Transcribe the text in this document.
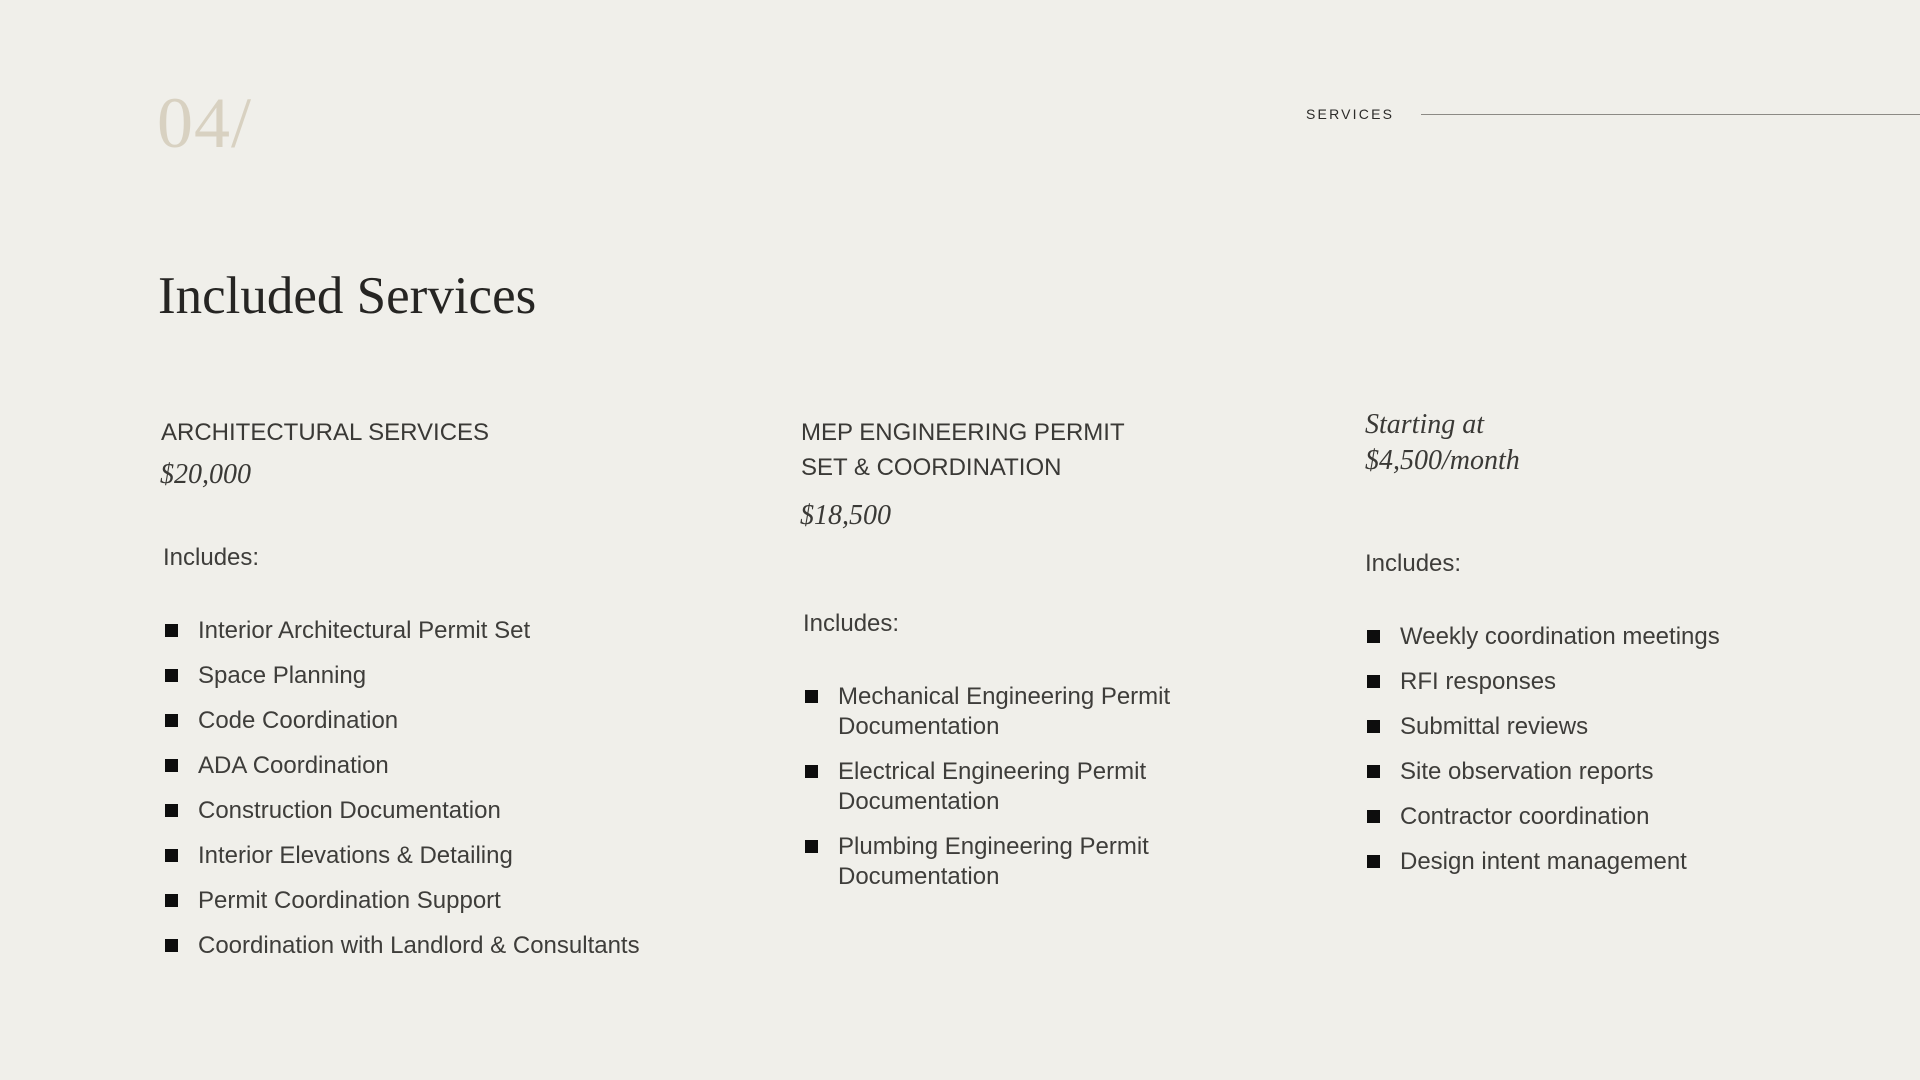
04/	SERVICES
Included Services
ARCHITECTURAL SERVICES
$20,000
Includes:
Interior Architectural Permit Set
Space Planning
Code Coordination
ADA Coordination
Construction Documentation
Interior Elevations & Detailing
Permit Coordination Support
Coordination with Landlord & Consultants
MEP ENGINEERING PERMIT
SET & COORDINATION
$18,500
Includes:
Mechanical Engineering Permit
Documentation
Electrical Engineering Permit
Documentation
Plumbing Engineering Permit
Documentation
Starting at $4,500/month
Includes:
Weekly coordination meetings
RFI responses
Submittal reviews
Site observation reports
Contractor coordination
Design intent management
